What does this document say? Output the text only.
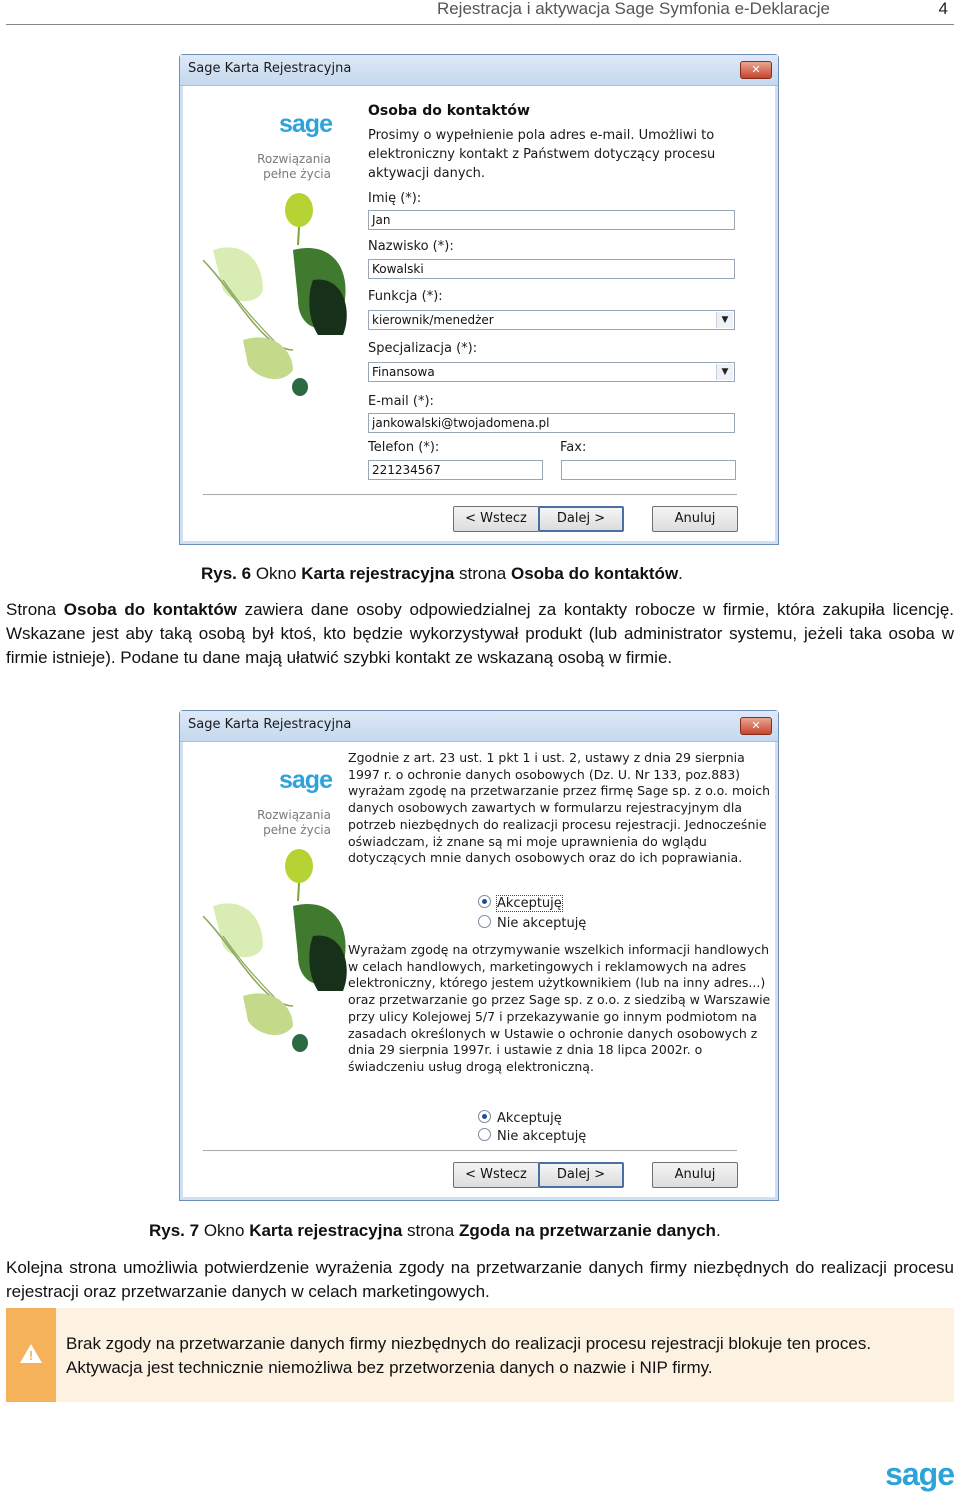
Rejestracja i aktywacja Sage Symfonia e-Deklaracje	4
Sage Karta Rejestracyjna	✕
sage
Rozwiązania
pełne życia
Osoba do kontaktów
Prosimy o wypełnienie pola adres e-mail. Umożliwi to elektroniczny kontakt z Państwem dotyczący procesu aktywacji danych.
Imię (*):
Jan
Nazwisko (*):
Kowalski
Funkcja (*):
kierownik/menedżer	▼
Specjalizacja (*):
Finansowa	▼
E-mail (*):
jankowalski@twojadomena.pl
Telefon (*):
221234567
Fax:
< Wstecz	Dalej >	Anuluj
Rys. 6 Okno Karta rejestracyjna strona Osoba do kontaktów.
Strona Osoba do kontaktów zawiera dane osoby odpowiedzialnej za kontakty robocze w firmie, która zakupiła licencję. Wskazane jest aby taką osobą był ktoś, kto będzie wykorzystywał produkt (lub administrator systemu, jeżeli taka osoba w firmie istnieje). Podane tu dane mają ułatwić szybki kontakt ze wskazaną osobą w firmie.
Sage Karta Rejestracyjna	✕
sage
Rozwiązania
pełne życia
Zgodnie z art. 23 ust. 1 pkt 1 i ust. 2, ustawy z dnia 29 sierpnia 1997 r. o ochronie danych osobowych (Dz. U. Nr 133, poz.883) wyrażam zgodę na przetwarzanie przez firmę Sage sp. z o.o. moich danych osobowych zawartych w formularzu rejestracyjnym dla potrzeb niezbędnych do realizacji procesu rejestracji. Jednocześnie oświadczam, iż znane są mi moje uprawnienia do wglądu dotyczących mnie danych osobowych oraz do ich poprawiania.
Akceptuję
Nie akceptuję
Wyrażam zgodę na otrzymywanie wszelkich informacji handlowych w celach handlowych, marketingowych i reklamowych na adres elektroniczny, którego jestem użytkownikiem (lub na inny adres...) oraz przetwarzanie go przez Sage sp. z o.o. z siedzibą w Warszawie przy ulicy Kolejowej 5/7 i przekazywanie go innym podmiotom na zasadach określonych w Ustawie o ochronie danych osobowych z dnia 29 sierpnia 1997r. i ustawie z dnia 18 lipca 2002r. o świadczeniu usług drogą elektroniczną.
Akceptuję
Nie akceptuję
< Wstecz	Dalej >	Anuluj
Rys. 7 Okno Karta rejestracyjna strona Zgoda na przetwarzanie danych.
Kolejna strona umożliwia potwierdzenie wyrażenia zgody na przetwarzanie danych firmy niezbędnych do realizacji procesu rejestracji oraz przetwarzanie danych w celach marketingowych.
!
Brak zgody na przetwarzanie danych firmy niezbędnych do realizacji procesu rejestracji blokuje ten proces. Aktywacja jest technicznie niemożliwa bez przetworzenia danych o nazwie i NIP firmy.
sage
